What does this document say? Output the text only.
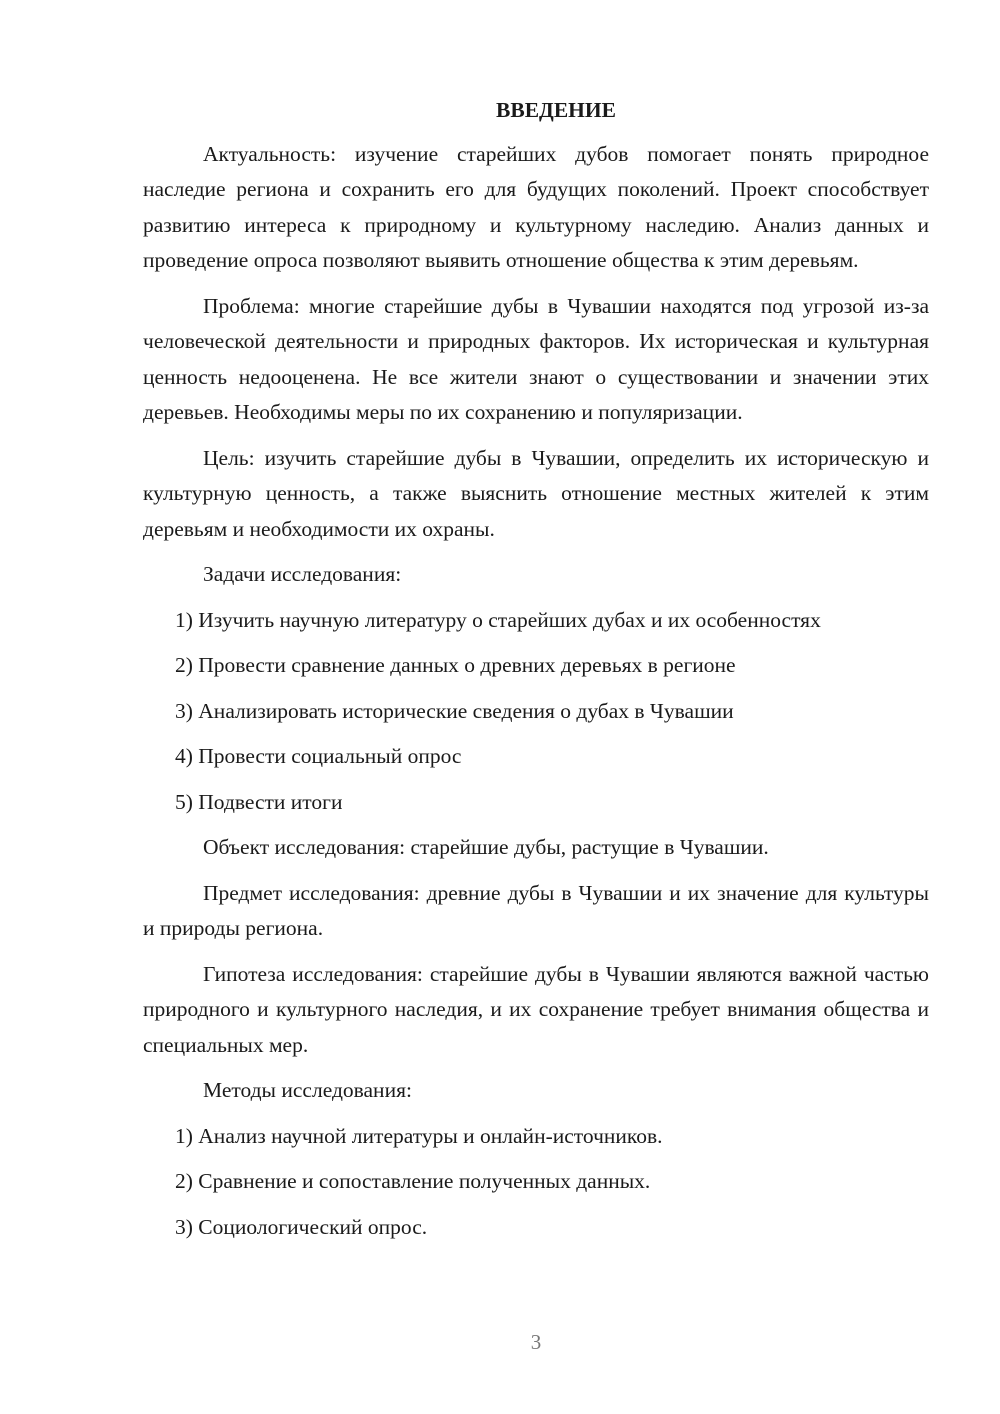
ВВЕДЕНИЕ

Актуальность: изучение старейших дубов помогает понять природное наследие региона и сохранить его для будущих поколений. Проект способствует развитию интереса к природному и культурному наследию. Анализ данных и проведение опроса позволяют выявить отношение общества к этим деревьям.

Проблема: многие старейшие дубы в Чувашии находятся под угрозой из-за человеческой деятельности и природных факторов. Их историческая и культурная ценность недооценена. Не все жители знают о существовании и значении этих деревьев. Необходимы меры по их сохранению и популяризации.

Цель: изучить старейшие дубы в Чувашии, определить их историческую и культурную ценность, а также выяснить отношение местных жителей к этим деревьям и необходимости их охраны.

Задачи исследования:

1) Изучить научную литературу о старейших дубах и их особенностях
2) Провести сравнение данных о древних деревьях в регионе
3) Анализировать исторические сведения о дубах в Чувашии
4) Провести социальный опрос
5) Подвести итоги

Объект исследования: старейшие дубы, растущие в Чувашии.

Предмет исследования: древние дубы в Чувашии и их значение для культуры и природы региона.

Гипотеза исследования: старейшие дубы в Чувашии являются важной частью природного и культурного наследия, и их сохранение требует внимания общества и специальных мер.

Методы исследования:

1) Анализ научной литературы и онлайн-источников.
2) Сравнение и сопоставление полученных данных.
3) Социологический опрос.
3
